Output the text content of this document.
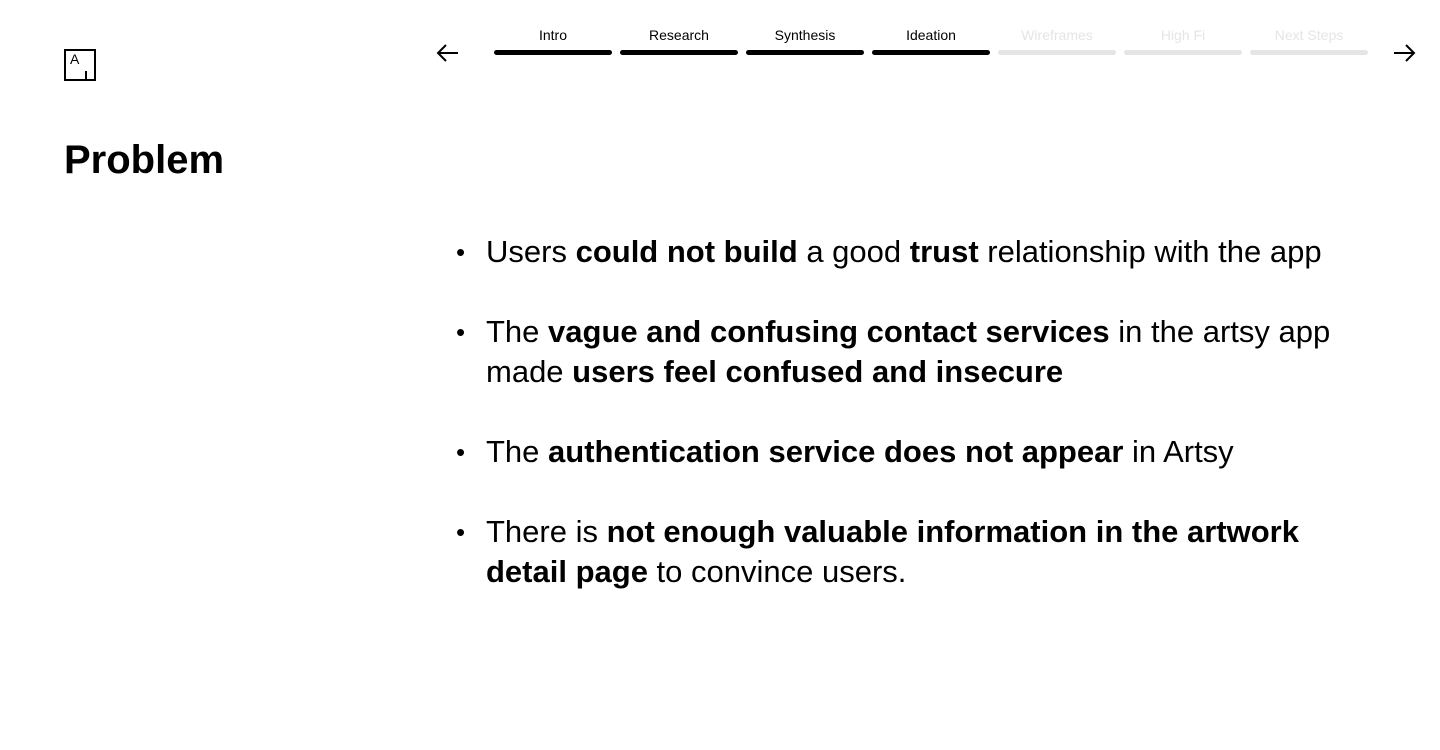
A
Intro	Research	Synthesis	Ideation	Wireframes	High Fi	Next Steps
Problem
• Users could not build a good trust relationship with the app
• The vague and confusing contact services in the artsy app made users feel confused and insecure
• The authentication service does not appear in Artsy
• There is not enough valuable information in the artwork detail page to convince users.
